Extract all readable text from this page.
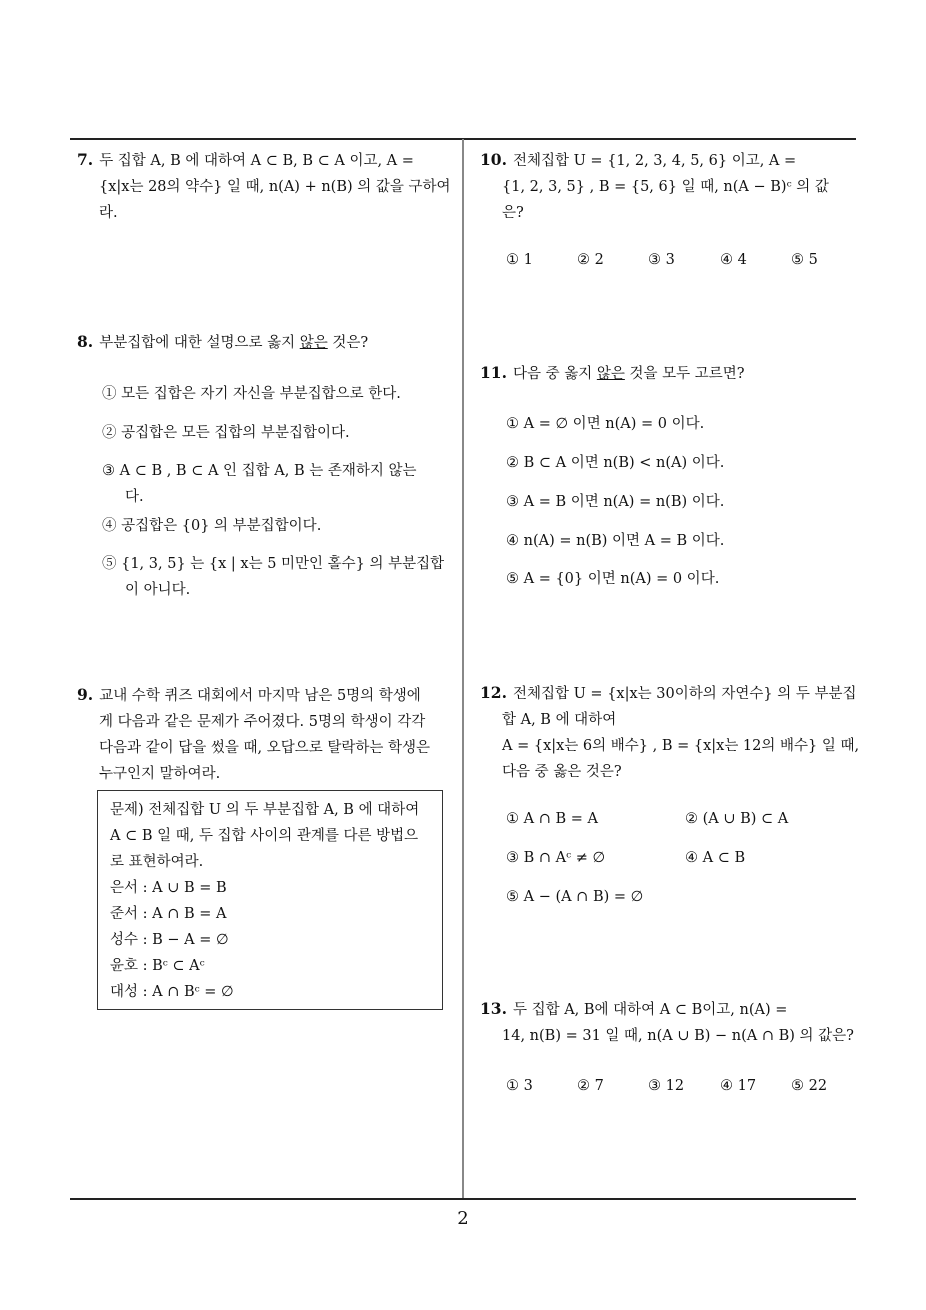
7. 두 집합 A, B 에 대하여 A ⊂ B, B ⊂ A 이고, A =
{x|x는 28의 약수} 일 때, n(A) + n(B) 의 값을 구하여
라.
8. 부분집합에 대한 설명으로 옳지 않은 것은?
① 모든 집합은 자기 자신을 부분집합으로 한다.
② 공집합은 모든 집합의 부분집합이다.
③ A ⊂ B , B ⊂ A 인 집합 A, B 는 존재하지 않는
다.
④ 공집합은 {0} 의 부분집합이다.
⑤ {1, 3, 5} 는 {x | x는 5 미만인 홀수} 의 부분집합
이 아니다.
9. 교내 수학 퀴즈 대회에서 마지막 남은 5명의 학생에
게 다음과 같은 문제가 주어졌다. 5명의 학생이 각각
다음과 같이 답을 썼을 때, 오답으로 탈락하는 학생은
누구인지 말하여라.
문제) 전체집합 U 의 두 부분집합 A, B 에 대하여
A ⊂ B 일 때, 두 집합 사이의 관계를 다른 방법으
로 표현하여라.
은서 : A ∪ B = B
준서 : A ∩ B = A
성수 : B − A = ∅
윤호 : Bᶜ ⊂ Aᶜ
대성 : A ∩ Bᶜ = ∅
10. 전체집합 U = {1, 2, 3, 4, 5, 6} 이고, A =
{1, 2, 3, 5} , B = {5, 6} 일 때, n(A − B)ᶜ 의 값
은?
① 1	② 2	③ 3	④ 4	⑤ 5
11. 다음 중 옳지 않은 것을 모두 고르면?
① A = ∅ 이면 n(A) = 0 이다.
② B ⊂ A 이면 n(B) < n(A) 이다.
③ A = B 이면 n(A) = n(B) 이다.
④ n(A) = n(B) 이면 A = B 이다.
⑤ A = {0} 이면 n(A) = 0 이다.
12. 전체집합 U = {x|x는 30이하의 자연수} 의 두 부분집
합 A, B 에 대하여
A = {x|x는 6의 배수} , B = {x|x는 12의 배수} 일 때,
다음 중 옳은 것은?
① A ∩ B = A	② (A ∪ B) ⊂ A
③ B ∩ Aᶜ ≠ ∅	④ A ⊂ B
⑤ A − (A ∩ B) = ∅
13. 두 집합 A, B에 대하여 A ⊂ B이고, n(A) =
14, n(B) = 31 일 때, n(A ∪ B) − n(A ∩ B) 의 값은?
① 3	② 7	③ 12 ④ 17 ⑤ 22
2
